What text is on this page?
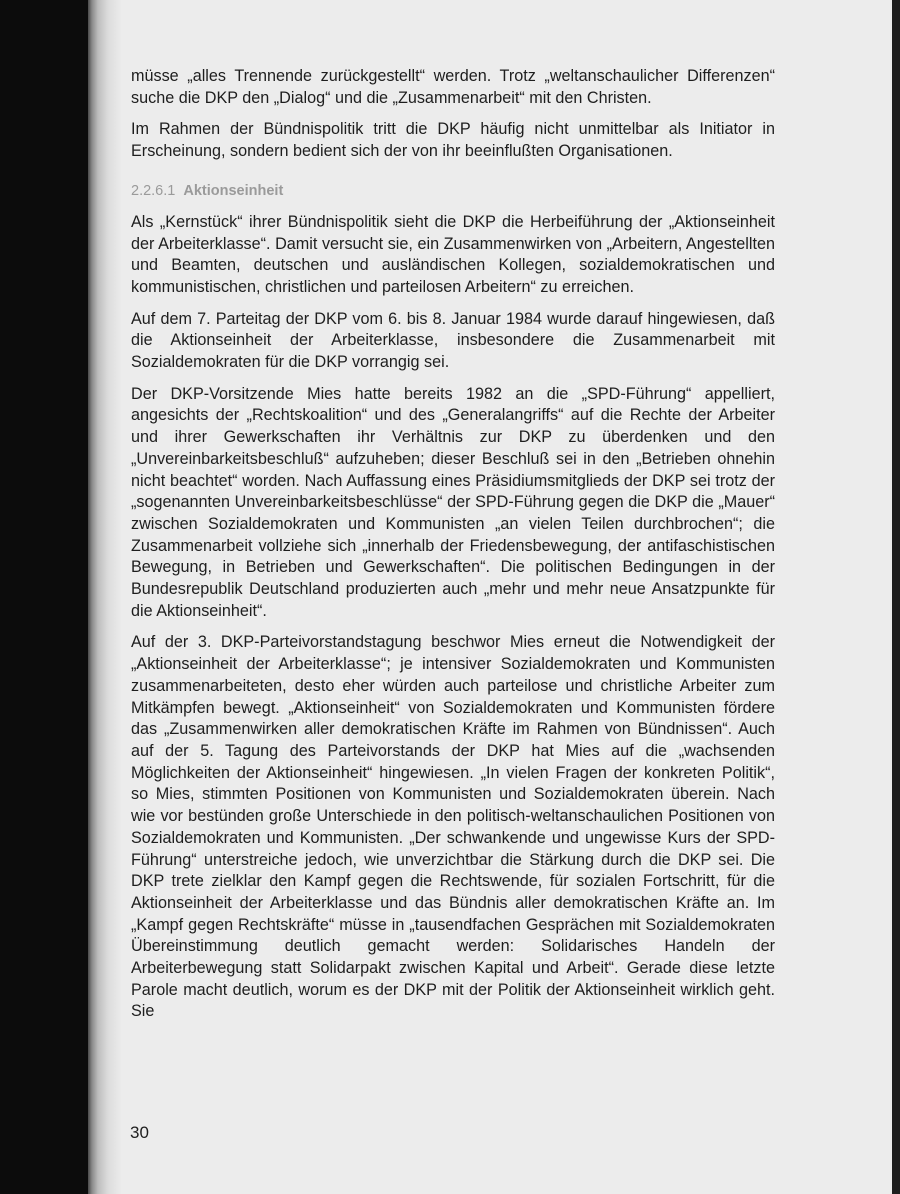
müsse „alles Trennende zurückgestellt“ werden. Trotz „weltanschaulicher Differenzen“ suche die DKP den „Dialog“ und die „Zusammenarbeit“ mit den Christen.

Im Rahmen der Bündnispolitik tritt die DKP häufig nicht unmittelbar als Initiator in Erscheinung, sondern bedient sich der von ihr beeinflußten Organisationen.

2.2.6.1 Aktionseinheit

Als „Kernstück“ ihrer Bündnispolitik sieht die DKP die Herbeiführung der „Aktionseinheit der Arbeiterklasse“. Damit versucht sie, ein Zusammenwirken von „Arbeitern, Angestellten und Beamten, deutschen und ausländischen Kollegen, sozialdemokratischen und kommunistischen, christlichen und parteilosen Arbeitern“ zu erreichen.

Auf dem 7. Parteitag der DKP vom 6. bis 8. Januar 1984 wurde darauf hingewiesen, daß die Aktionseinheit der Arbeiterklasse, insbesondere die Zusammenarbeit mit Sozialdemokraten für die DKP vorrangig sei.

Der DKP-Vorsitzende Mies hatte bereits 1982 an die „SPD-Führung“ appelliert, angesichts der „Rechtskoalition“ und des „Generalangriffs“ auf die Rechte der Arbeiter und ihrer Gewerkschaften ihr Verhältnis zur DKP zu überdenken und den „Unvereinbarkeitsbeschluß“ aufzuheben; dieser Beschluß sei in den „Betrieben ohnehin nicht beachtet“ worden. Nach Auffassung eines Präsidiumsmitglieds der DKP sei trotz der „sogenannten Unvereinbarkeitsbeschlüsse“ der SPD-Führung gegen die DKP die „Mauer“ zwischen Sozialdemokraten und Kommunisten „an vielen Teilen durchbrochen“; die Zusammenarbeit vollziehe sich „innerhalb der Friedensbewegung, der antifaschistischen Bewegung, in Betrieben und Gewerkschaften“. Die politischen Bedingungen in der Bundesrepublik Deutschland produzierten auch „mehr und mehr neue Ansatzpunkte für die Aktionseinheit“.

Auf der 3. DKP-Parteivorstandstagung beschwor Mies erneut die Notwendigkeit der „Aktionseinheit der Arbeiterklasse“; je intensiver Sozialdemokraten und Kommunisten zusammenarbeiteten, desto eher würden auch parteilose und christliche Arbeiter zum Mitkämpfen bewegt. „Aktionseinheit“ von Sozialdemokraten und Kommunisten fördere das „Zusammenwirken aller demokratischen Kräfte im Rahmen von Bündnissen“. Auch auf der 5. Tagung des Parteivorstands der DKP hat Mies auf die „wachsenden Möglichkeiten der Aktionseinheit“ hingewiesen. „In vielen Fragen der konkreten Politik“, so Mies, stimmten Positionen von Kommunisten und Sozialdemokraten überein. Nach wie vor bestünden große Unterschiede in den politisch-weltanschaulichen Positionen von Sozialdemokraten und Kommunisten. „Der schwankende und ungewisse Kurs der SPD-Führung“ unterstreiche jedoch, wie unverzichtbar die Stärkung durch die DKP sei. Die DKP trete zielklar den Kampf gegen die Rechtswende, für sozialen Fortschritt, für die Aktionseinheit der Arbeiterklasse und das Bündnis aller demokratischen Kräfte an. Im „Kampf gegen Rechtskräfte“ müsse in „tausendfachen Gesprächen mit Sozialdemokraten Übereinstimmung deutlich gemacht werden: Solidarisches Handeln der Arbeiterbewegung statt Solidarpakt zwischen Kapital und Arbeit“. Gerade diese letzte Parole macht deutlich, worum es der DKP mit der Politik der Aktionseinheit wirklich geht. Sie

30
